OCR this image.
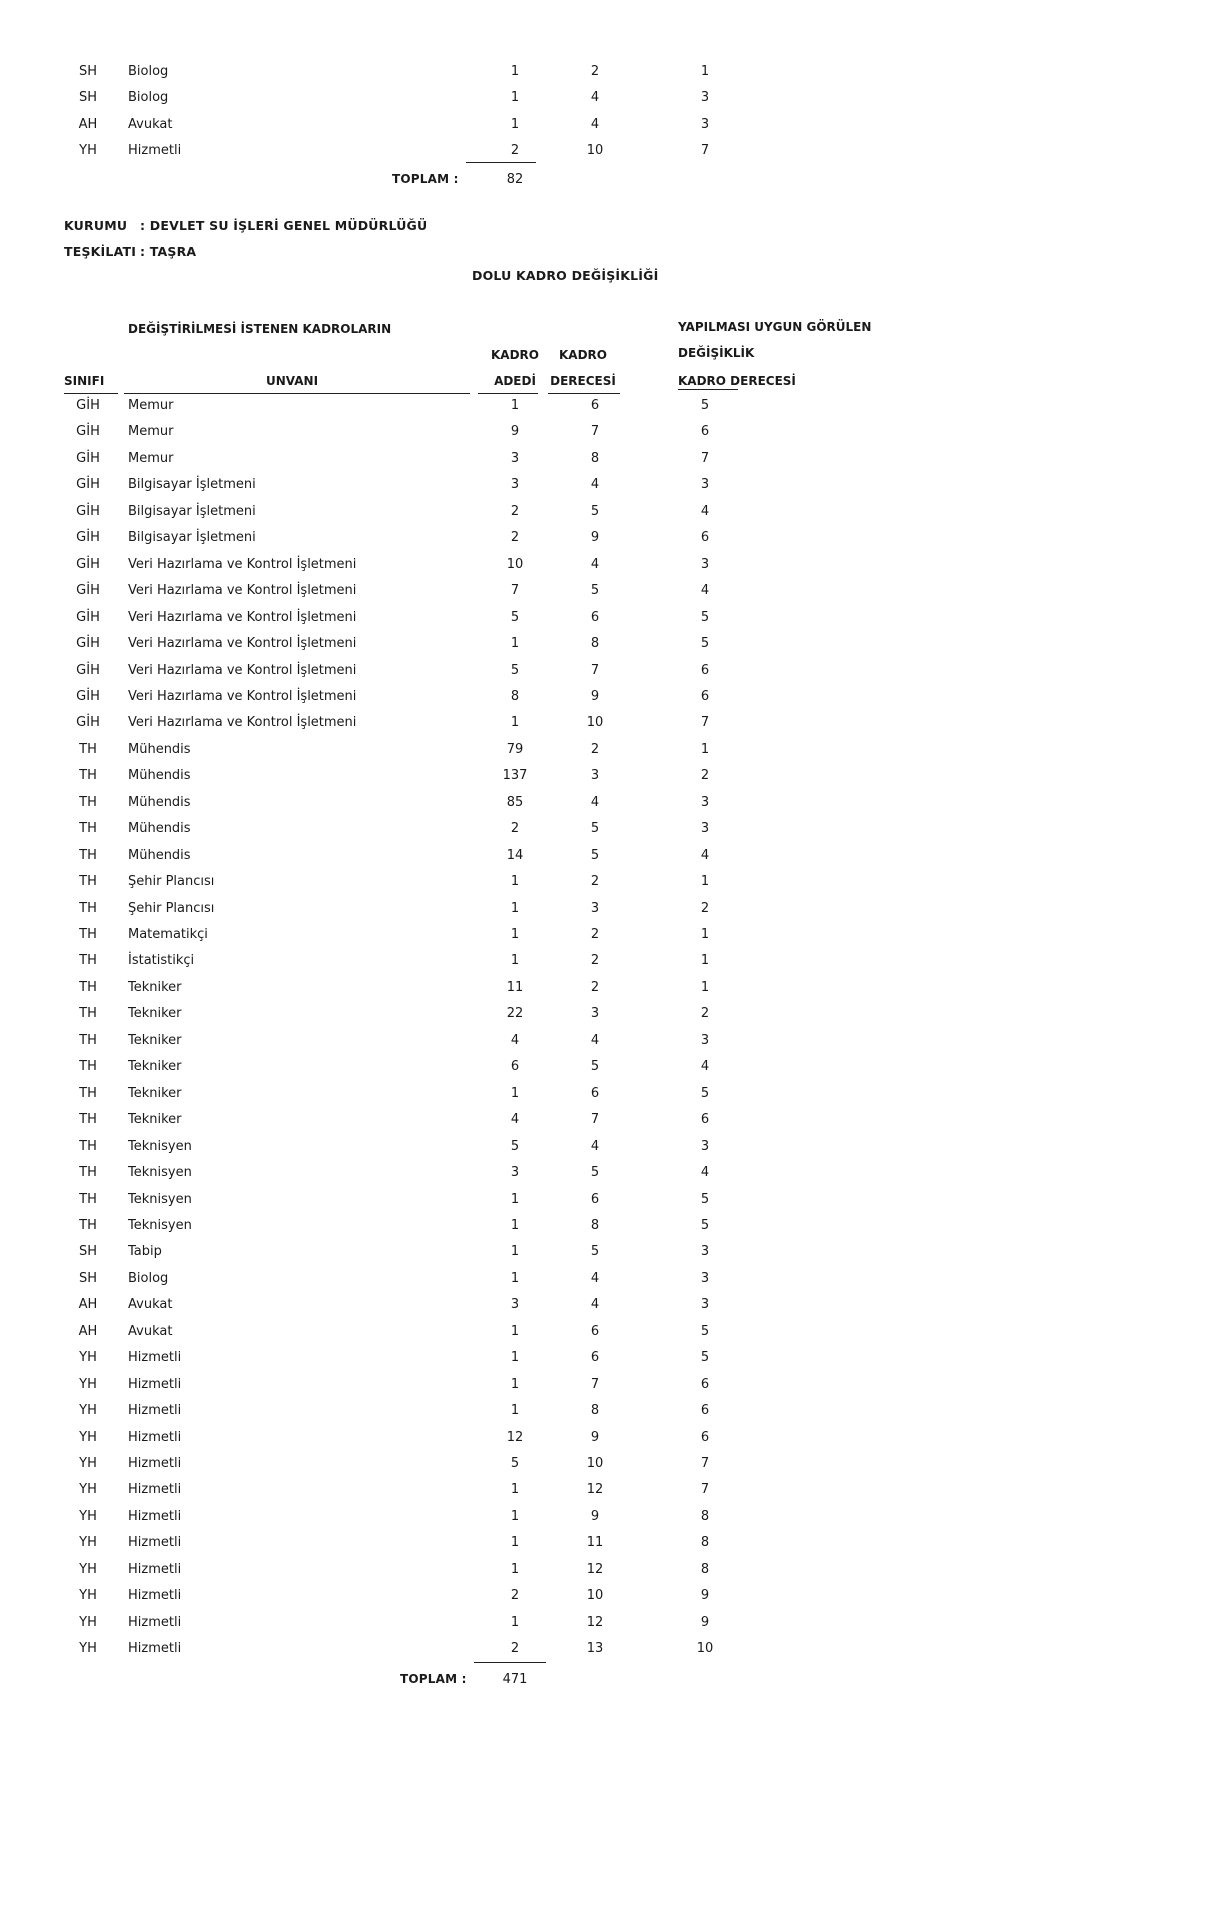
SH	Biolog	1	2	1
SH	Biolog	1	4	3
AH	Avukat	1	4	3
YH	Hizmetli	2	10	7
TOPLAM :	82
KURUMU : DEVLET SU İŞLERİ GENEL MÜDÜRLÜĞÜ
TEŞKİLATI : TAŞRA
DOLU KADRO DEĞİŞİKLİĞİ
DEĞİŞTİRİLMESİ İSTENEN KADROLARIN	YAPILMASI UYGUN GÖRÜLEN
DEĞİŞİKLİK
KADRO	KADRO
SINIFI	UNVANI	ADEDİ	DERECESİ	KADRO DERECESİ
GİH	Memur	1	6	5
GİH	Memur	9	7	6
GİH	Memur	3	8	7
GİH	Bilgisayar İşletmeni	3	4	3
GİH	Bilgisayar İşletmeni	2	5	4
GİH	Bilgisayar İşletmeni	2	9	6
GİH	Veri Hazırlama ve Kontrol İşletmeni	10	4	3
GİH	Veri Hazırlama ve Kontrol İşletmeni	7	5	4
GİH	Veri Hazırlama ve Kontrol İşletmeni	5	6	5
GİH	Veri Hazırlama ve Kontrol İşletmeni	1	8	5
GİH	Veri Hazırlama ve Kontrol İşletmeni	5	7	6
GİH	Veri Hazırlama ve Kontrol İşletmeni	8	9	6
GİH	Veri Hazırlama ve Kontrol İşletmeni	1	10	7
TH	Mühendis	79	2	1
TH	Mühendis	137	3	2
TH	Mühendis	85	4	3
TH	Mühendis	2	5	3
TH	Mühendis	14	5	4
TH	Şehir Plancısı	1	2	1
TH	Şehir Plancısı	1	3	2
TH	Matematikçi	1	2	1
TH	İstatistikçi	1	2	1
TH	Tekniker	11	2	1
TH	Tekniker	22	3	2
TH	Tekniker	4	4	3
TH	Tekniker	6	5	4
TH	Tekniker	1	6	5
TH	Tekniker	4	7	6
TH	Teknisyen	5	4	3
TH	Teknisyen	3	5	4
TH	Teknisyen	1	6	5
TH	Teknisyen	1	8	5
SH	Tabip	1	5	3
SH	Biolog	1	4	3
AH	Avukat	3	4	3
AH	Avukat	1	6	5
YH	Hizmetli	1	6	5
YH	Hizmetli	1	7	6
YH	Hizmetli	1	8	6
YH	Hizmetli	12	9	6
YH	Hizmetli	5	10	7
YH	Hizmetli	1	12	7
YH	Hizmetli	1	9	8
YH	Hizmetli	1	11	8
YH	Hizmetli	1	12	8
YH	Hizmetli	2	10	9
YH	Hizmetli	1	12	9
YH	Hizmetli	2	13	10
TOPLAM :	471
